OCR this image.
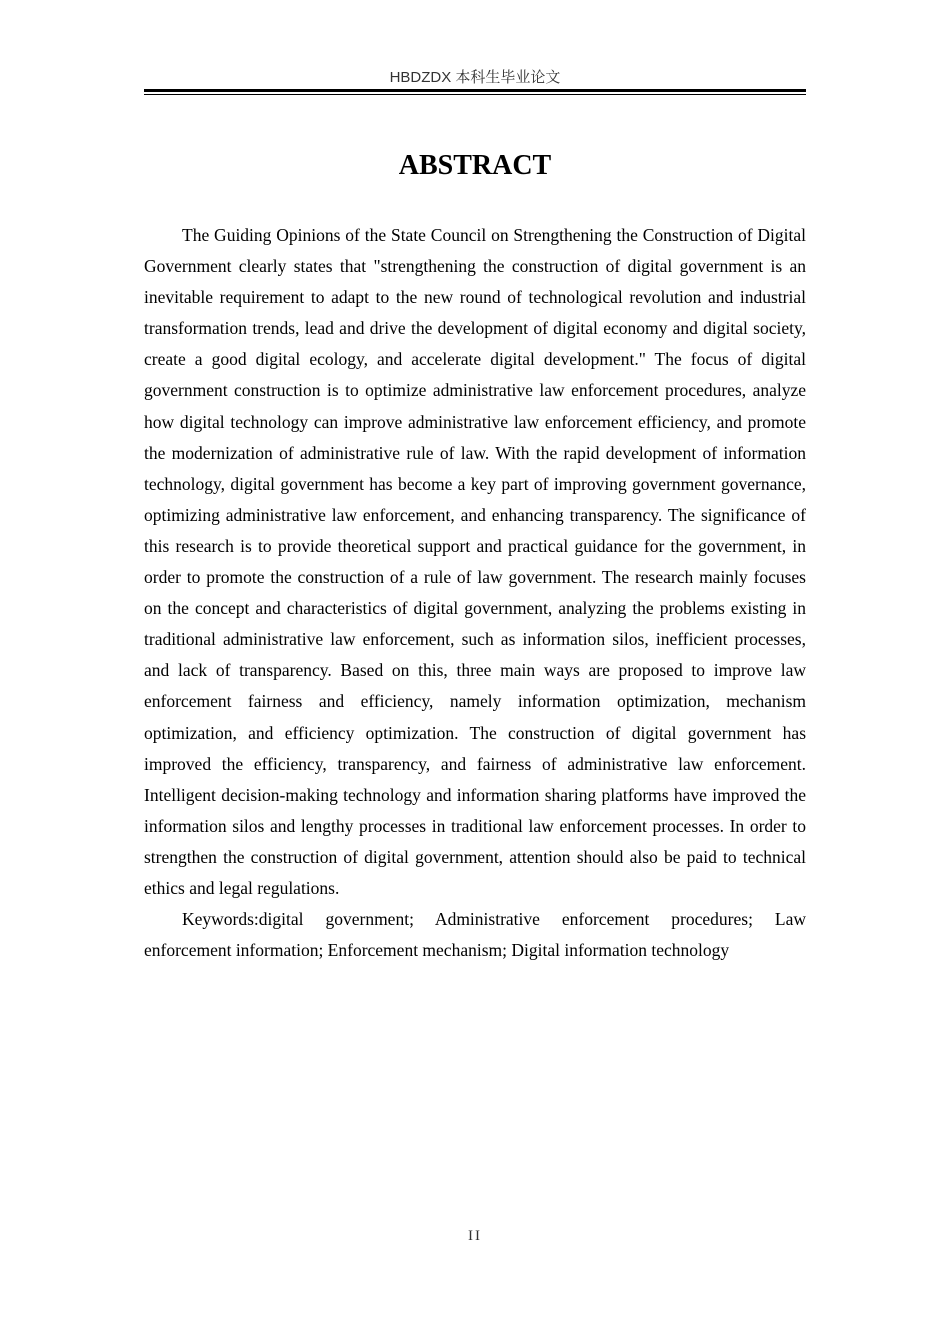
HBDZDX 本科生毕业论文
ABSTRACT

The Guiding Opinions of the State Council on Strengthening the Construction of Digital Government clearly states that "strengthening the construction of digital government is an inevitable requirement to adapt to the new round of technological revolution and industrial transformation trends, lead and drive the development of digital economy and digital society, create a good digital ecology, and accelerate digital development." The focus of digital government construction is to optimize administrative law enforcement procedures, analyze how digital technology can improve administrative law enforcement efficiency, and promote the modernization of administrative rule of law. With the rapid development of information technology, digital government has become a key part of improving government governance, optimizing administrative law enforcement, and enhancing transparency. The significance of this research is to provide theoretical support and practical guidance for the government, in order to promote the construction of a rule of law government. The research mainly focuses on the concept and characteristics of digital government, analyzing the problems existing in traditional administrative law enforcement, such as information silos, inefficient processes, and lack of transparency. Based on this, three main ways are proposed to improve law enforcement fairness and efficiency, namely information optimization, mechanism optimization, and efficiency optimization. The construction of digital government has improved the efficiency, transparency, and fairness of administrative law enforcement. Intelligent decision-making technology and information sharing platforms have improved the information silos and lengthy processes in traditional law enforcement processes. In order to strengthen the construction of digital government, attention should also be paid to technical ethics and legal regulations.

Keywords:digital government; Administrative enforcement procedures; Law enforcement information; Enforcement mechanism; Digital information technology

II
